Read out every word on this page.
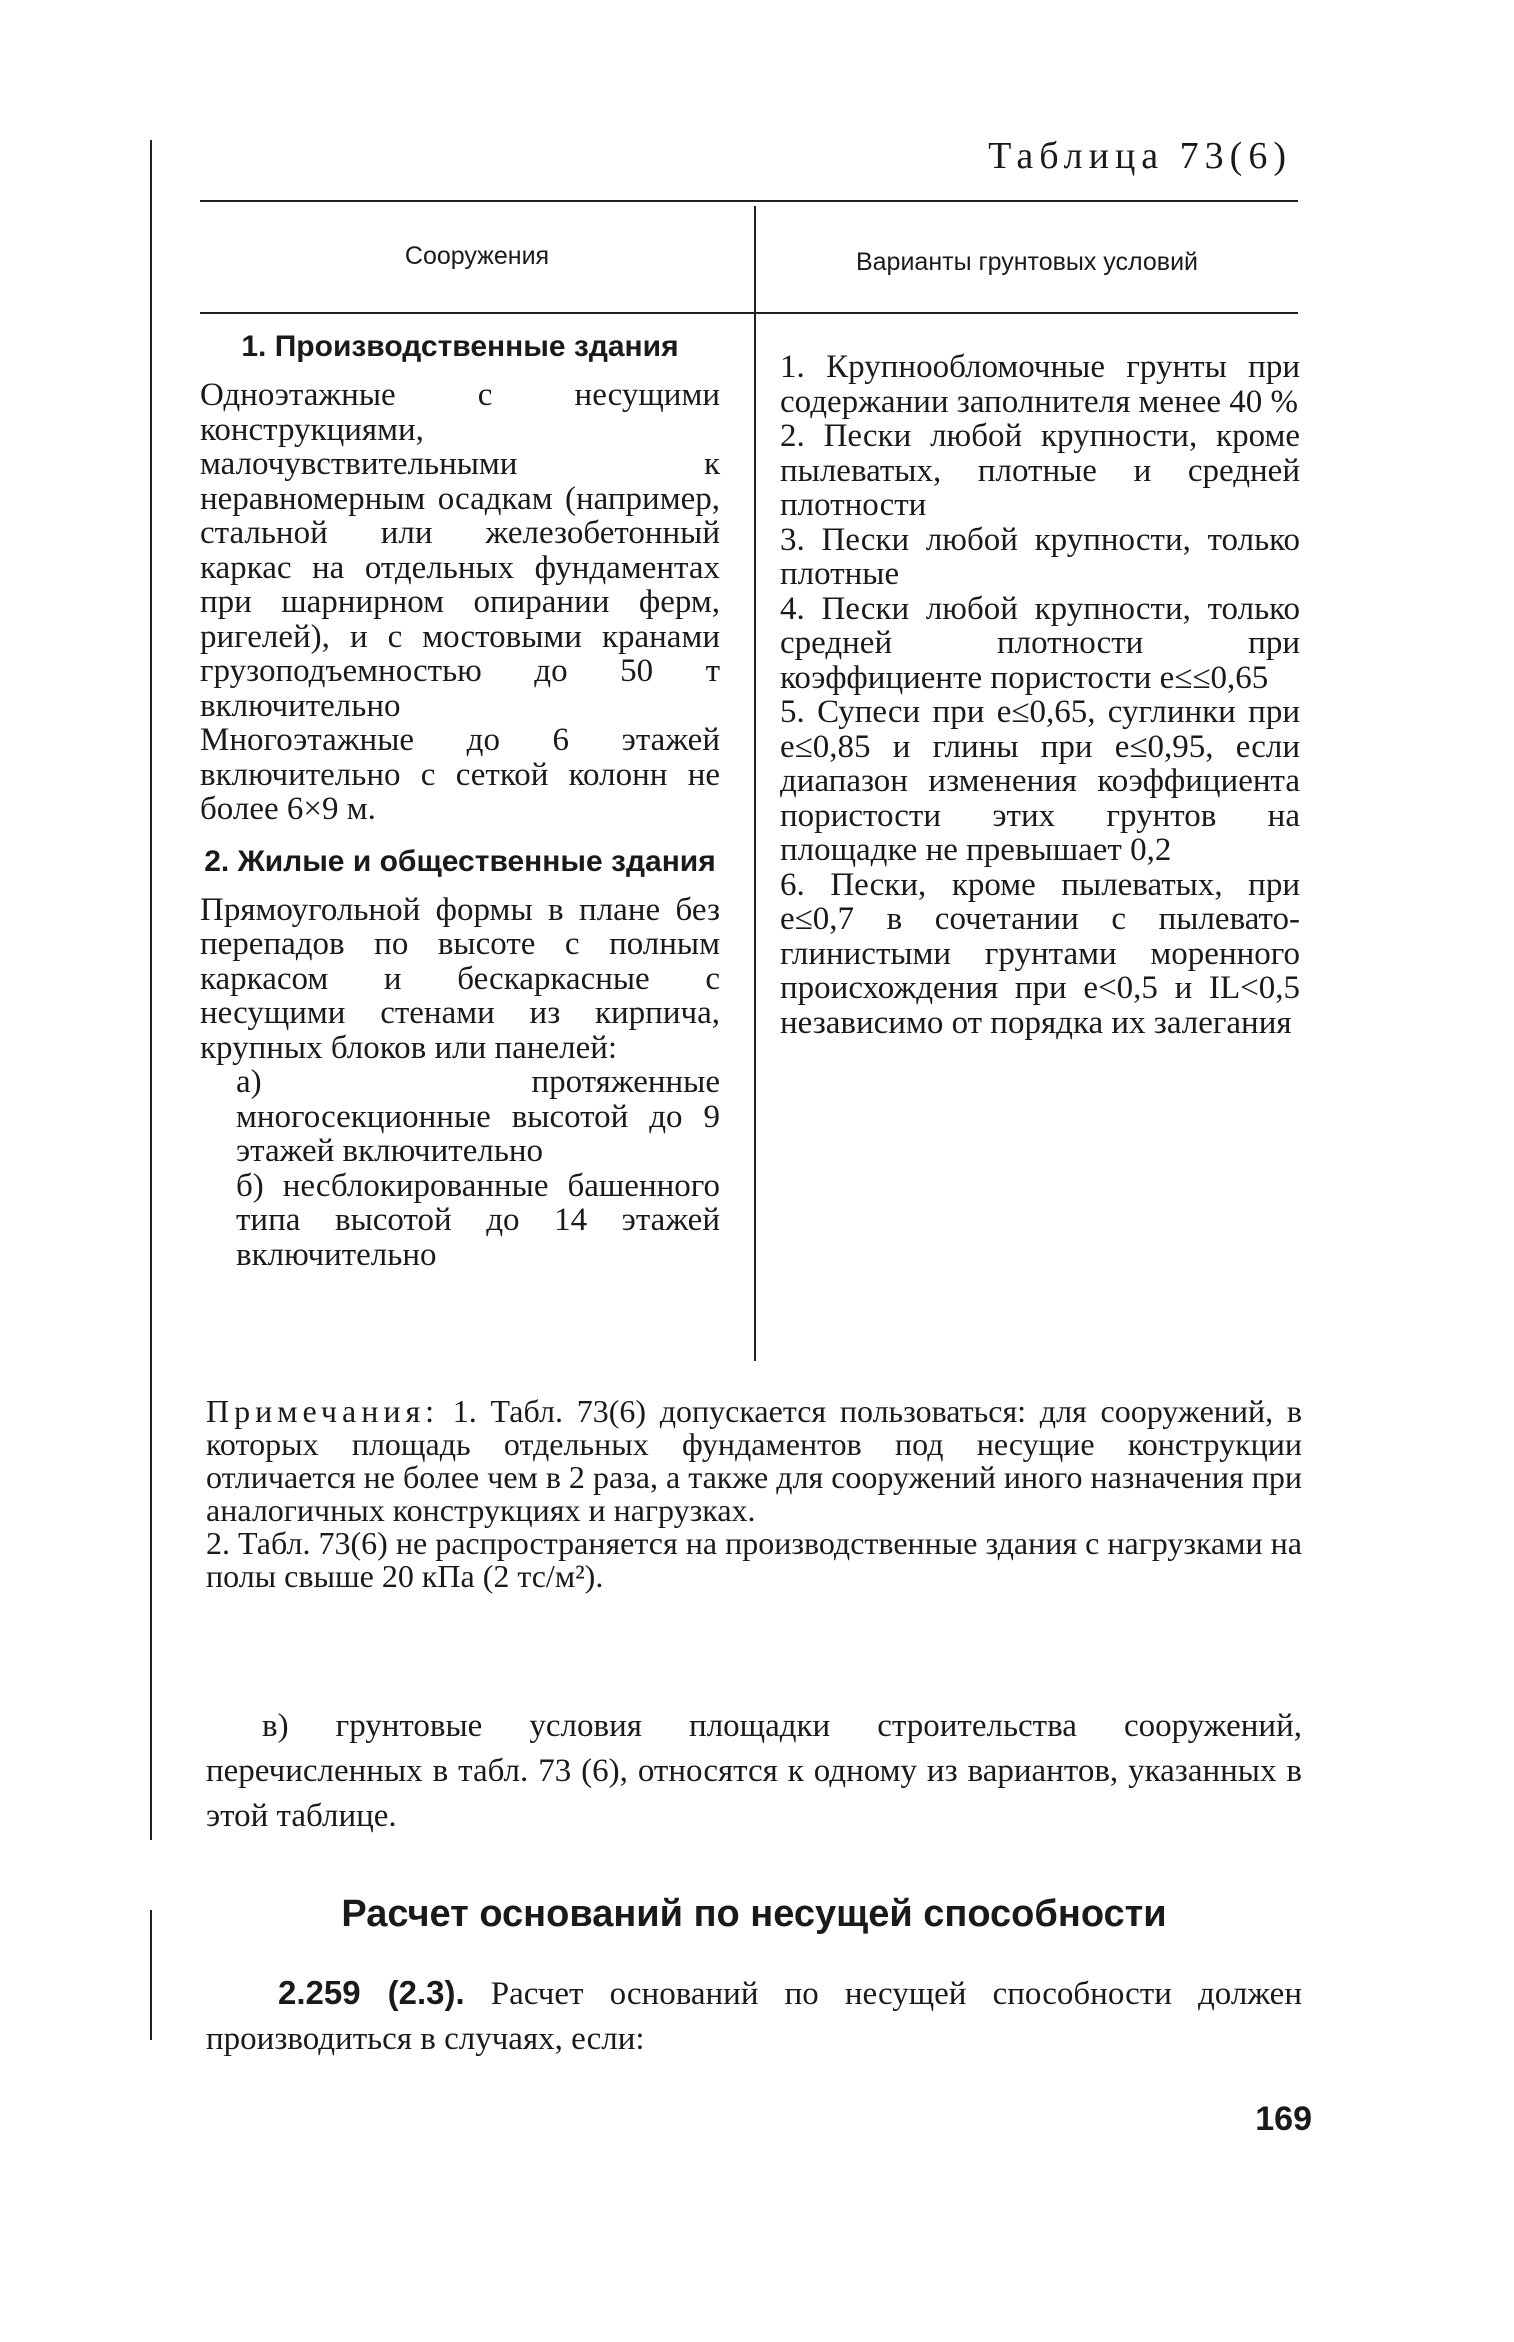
Таблица 73(6)
Сооружения	Варианты грунтовых условий

1. Производственные здания

Одноэтажные с несущими конструкциями, малочувствительными к неравномерным осадкам (например, стальной или железобетонный каркас на отдельных фундаментах при шарнирном опирании ферм, ригелей), и с мостовыми кранами грузоподъемностью до 50 т включительно

Многоэтажные до 6 этажей включительно с сеткой колонн не более 6×9 м.

2. Жилые и общественные здания

Прямоугольной формы в плане без перепадов по высоте с полным каркасом и бескаркасные с несущими стенами из кирпича, крупных блоков или панелей:

а) протяженные многосекционные высотой до 9 этажей включительно

б) несблокированные башенного типа высотой до 14 этажей включительно

1. Крупнообломочные грунты при содержании заполнителя менее 40 %

2. Пески любой крупности, кроме пылеватых, плотные и средней плотности

3. Пески любой крупности, только плотные

4. Пески любой крупности, только средней плотности при коэффициенте пористости е≤≤0,65

5. Супеси при е≤0,65, суглинки при е≤0,85 и глины при е≤0,95, если диапазон изменения коэффициента пористости этих грунтов на площадке не превышает 0,2

6. Пески, кроме пылеватых, при е≤0,7 в сочетании с пылевато-глинистыми грунтами моренного происхождения при е<0,5 и IL<0,5 независимо от порядка их залегания

Примечания: 1. Табл. 73(6) допускается пользоваться: для сооружений, в которых площадь отдельных фундаментов под несущие конструкции отличается не более чем в 2 раза, а также для сооружений иного назначения при аналогичных конструкциях и нагрузках.

2. Табл. 73(6) не распространяется на производственные здания с нагрузками на полы свыше 20 кПа (2 тс/м²).

в) грунтовые условия площадки строительства сооружений, перечисленных в табл. 73 (6), относятся к одному из вариантов, указанных в этой таблице.

Расчет оснований по несущей способности

2.259 (2.3). Расчет оснований по несущей способности должен производиться в случаях, если:

169
